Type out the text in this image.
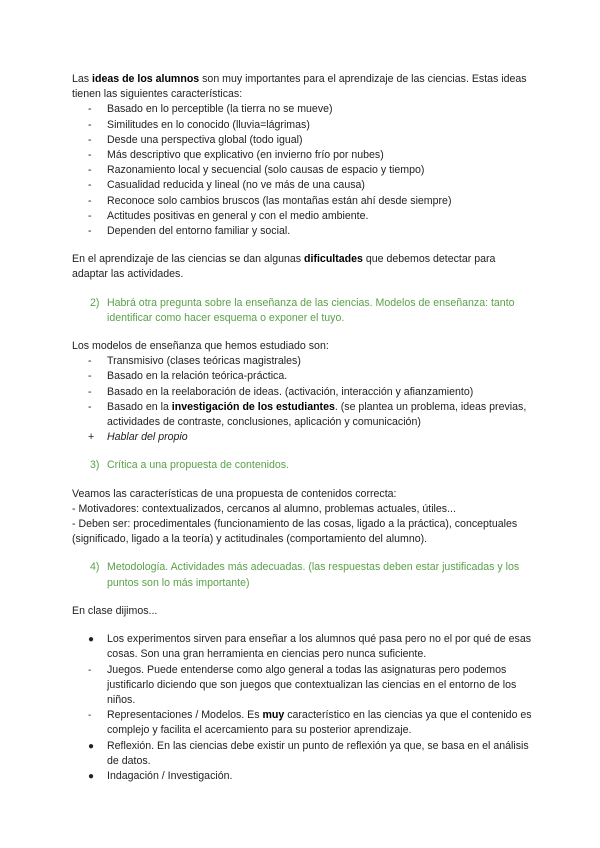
Las ideas de los alumnos son muy importantes para el aprendizaje de las ciencias. Estas ideas tienen las siguientes características:

- Basado en lo perceptible (la tierra no se mueve)
- Similitudes en lo conocido (lluvia=lágrimas)
- Desde una perspectiva global (todo igual)
- Más descriptivo que explicativo (en invierno frío por nubes)
- Razonamiento local y secuencial (solo causas de espacio y tiempo)
- Casualidad reducida y lineal (no ve más de una causa)
- Reconoce solo cambios bruscos (las montañas están ahí desde siempre)
- Actitudes positivas en general y con el medio ambiente.
- Dependen del entorno familiar y social.

En el aprendizaje de las ciencias se dan algunas dificultades que debemos detectar para adaptar las actividades.

2) Habrá otra pregunta sobre la enseñanza de las ciencias. Modelos de enseñanza: tanto identificar como hacer esquema o exponer el tuyo.

Los modelos de enseñanza que hemos estudiado son:

- Transmisivo (clases teóricas magistrales)
- Basado en la relación teórica-práctica.
- Basado en la reelaboración de ideas. (activación, interacción y afianzamiento)
- Basado en la investigación de los estudiantes. (se plantea un problema, ideas previas, actividades de contraste, conclusiones, aplicación y comunicación)
+ Hablar del propio
3) Crítica a una propuesta de contenidos.

Veamos las características de una propuesta de contenidos correcta:

- Motivadores: contextualizados, cercanos al alumno, problemas actuales, útiles...

- Deben ser: procedimentales (funcionamiento de las cosas, ligado a la práctica), conceptuales (significado, ligado a la teoría) y actitudinales (comportamiento del alumno).

4) Metodología. Actividades más adecuadas. (las respuestas deben estar justificadas y los puntos son lo más importante)

En clase dijimos...

● Los experimentos sirven para enseñar a los alumnos qué pasa pero no el por qué de esas cosas. Son una gran herramienta en ciencias pero nunca suficiente.
- Juegos. Puede entenderse como algo general a todas las asignaturas pero podemos justificarlo diciendo que son juegos que contextualizan las ciencias en el entorno de los niños.
- Representaciones / Modelos. Es muy característico en las ciencias ya que el contenido es complejo y facilita el acercamiento para su posterior aprendizaje.
● Reflexión. En las ciencias debe existir un punto de reflexión ya que, se basa en el análisis de datos.
● Indagación / Investigación.
